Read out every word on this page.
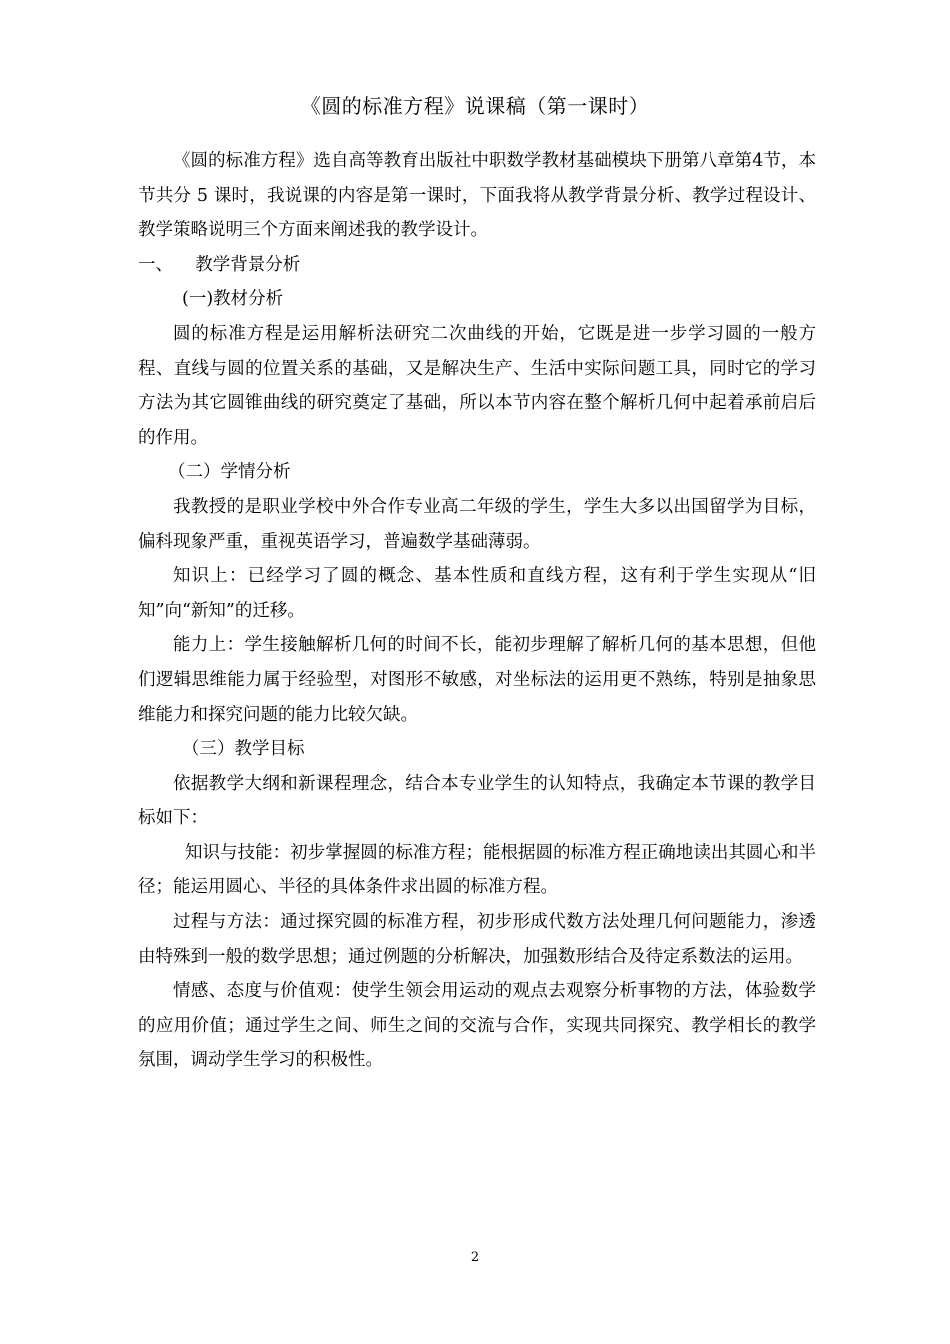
《圆的标准方程》说课稿（第一课时）

《圆的标准方程》选自高等教育出版社中职数学教材基础模块下册第八章第4节，本节共分 5 课时，我说课的内容是第一课时，下面我将从教学背景分析、教学过程设计、教学策略说明三个方面来阐述我的教学设计。

一、    教学背景分析

(一)教材分析

圆的标准方程是运用解析法研究二次曲线的开始，它既是进一步学习圆的一般方程、直线与圆的位置关系的基础，又是解决生产、生活中实际问题工具，同时它的学习方法为其它圆锥曲线的研究奠定了基础，所以本节内容在整个解析几何中起着承前启后的作用。

（二）学情分析

我教授的是职业学校中外合作专业高二年级的学生，学生大多以出国留学为目标，偏科现象严重，重视英语学习，普遍数学基础薄弱。

知识上：已经学习了圆的概念、基本性质和直线方程，这有利于学生实现从“旧知”向“新知”的迁移。

能力上：学生接触解析几何的时间不长，能初步理解了解析几何的基本思想，但他们逻辑思维能力属于经验型，对图形不敏感，对坐标法的运用更不熟练，特别是抽象思维能力和探究问题的能力比较欠缺。

（三）教学目标

依据教学大纲和新课程理念，结合本专业学生的认知特点，我确定本节课的教学目标如下：

知识与技能：初步掌握圆的标准方程；能根据圆的标准方程正确地读出其圆心和半径；能运用圆心、半径的具体条件求出圆的标准方程。

过程与方法：通过探究圆的标准方程，初步形成代数方法处理几何问题能力，渗透由特殊到一般的数学思想；通过例题的分析解决，加强数形结合及待定系数法的运用。

情感、态度与价值观：使学生领会用运动的观点去观察分析事物的方法，体验数学的应用价值；通过学生之间、师生之间的交流与合作，实现共同探究、教学相长的教学氛围，调动学生学习的积极性。

2
